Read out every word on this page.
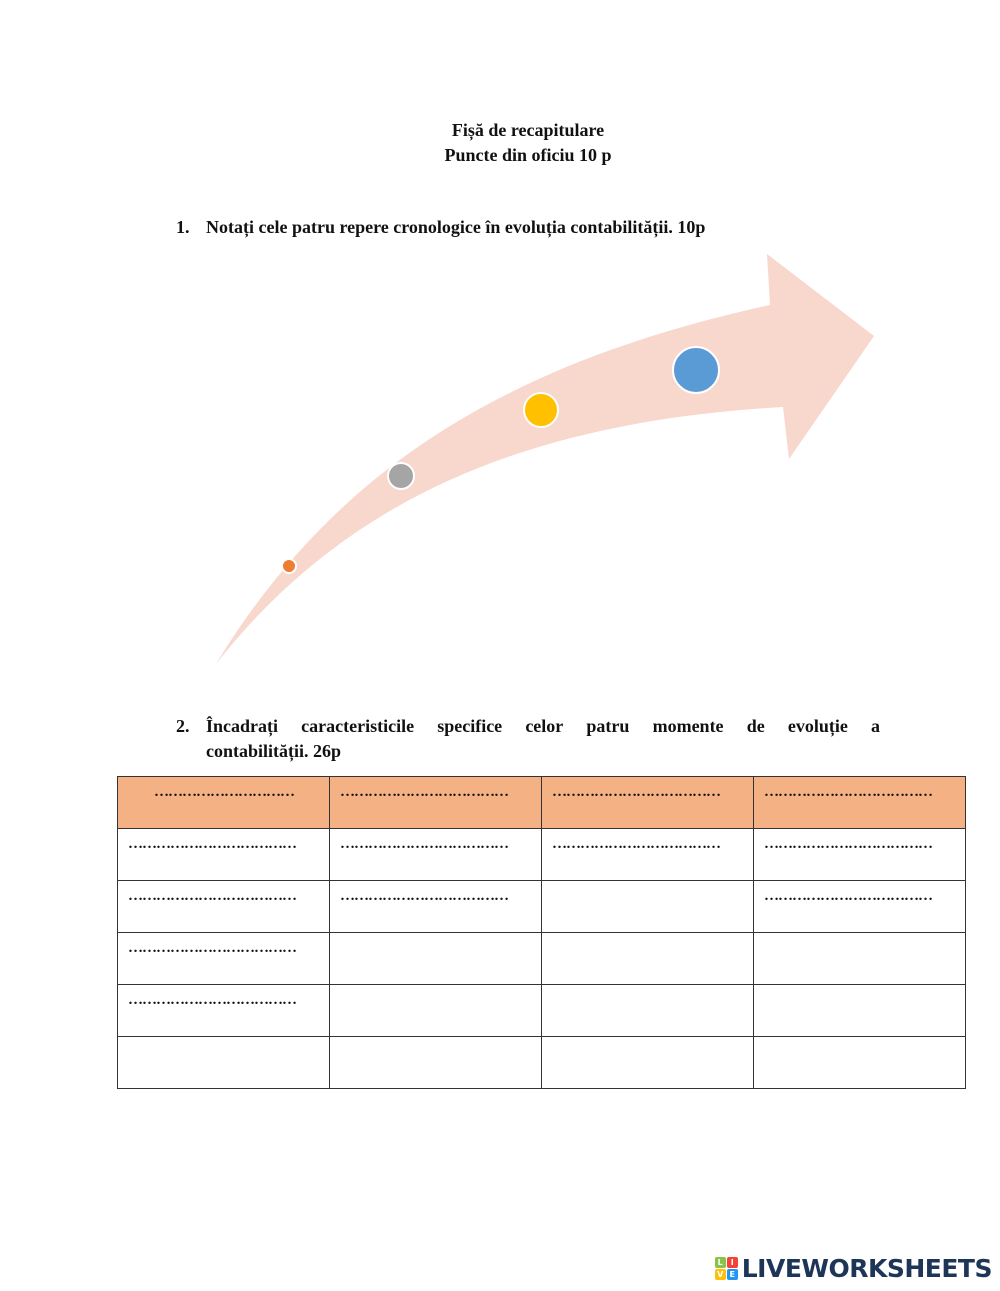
Fișă de recapitulare
Puncte din oficiu 10 p
1. Notați cele patru repere cronologice în evoluția contabilității. 10p
2. Încadrați caracteristicile specifice celor patru momente de evoluție a
contabilității. 26p
…………………………	………………………………	………………………………	………………………………

………………………………	………………………………	………………………………	………………………………

………………………………	………………………………		………………………………

………………………………			

………………………………			

L I
V E LIVEWORKSHEETS
